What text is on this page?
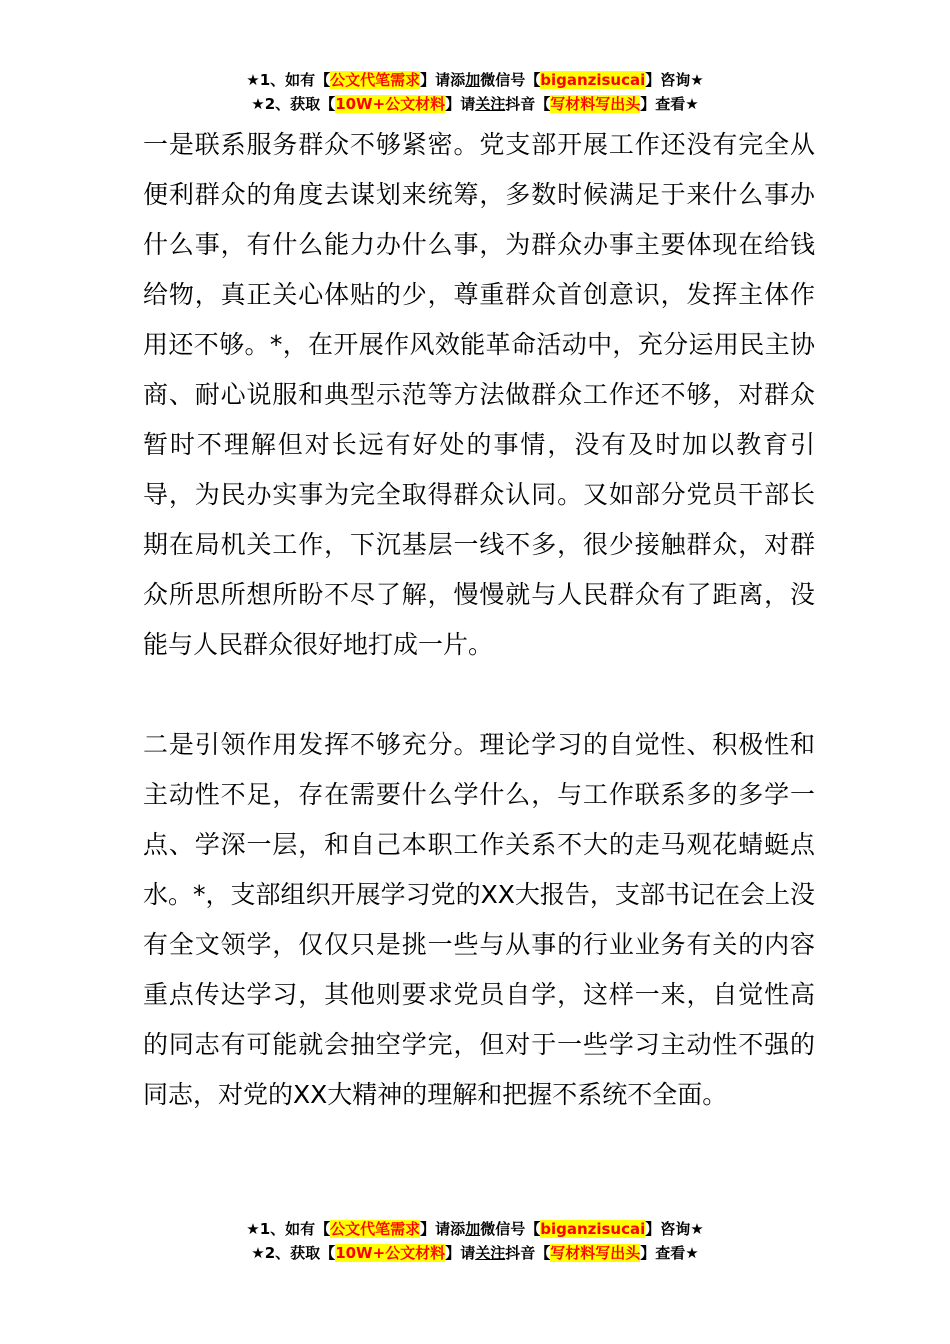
★1、如有【公文代笔需求】请添加微信号【biganzisucai】咨询★
★2、获取【10W+公文材料】请关注抖音【写材料写出头】查看★

一是联系服务群众不够紧密。党支部开展工作还没有完全从便利群众的角度去谋划来统筹，多数时候满足于来什么事办什么事，有什么能力办什么事，为群众办事主要体现在给钱给物，真正关心体贴的少，尊重群众首创意识，发挥主体作用还不够。*，在开展作风效能革命活动中，充分运用民主协商、耐心说服和典型示范等方法做群众工作还不够，对群众暂时不理解但对长远有好处的事情，没有及时加以教育引导，为民办实事为完全取得群众认同。又如部分党员干部长期在局机关工作，下沉基层一线不多，很少接触群众，对群众所思所想所盼不尽了解，慢慢就与人民群众有了距离，没能与人民群众很好地打成一片。

二是引领作用发挥不够充分。理论学习的自觉性、积极性和主动性不足，存在需要什么学什么，与工作联系多的多学一点、学深一层，和自己本职工作关系不大的走马观花蜻蜓点水。*，支部组织开展学习党的XX大报告，支部书记在会上没有全文领学，仅仅只是挑一些与从事的行业业务有关的内容重点传达学习，其他则要求党员自学，这样一来，自觉性高的同志有可能就会抽空学完，但对于一些学习主动性不强的同志，对党的XX大精神的理解和把握不系统不全面。

★1、如有【公文代笔需求】请添加微信号【biganzisucai】咨询★
★2、获取【10W+公文材料】请关注抖音【写材料写出头】查看★
